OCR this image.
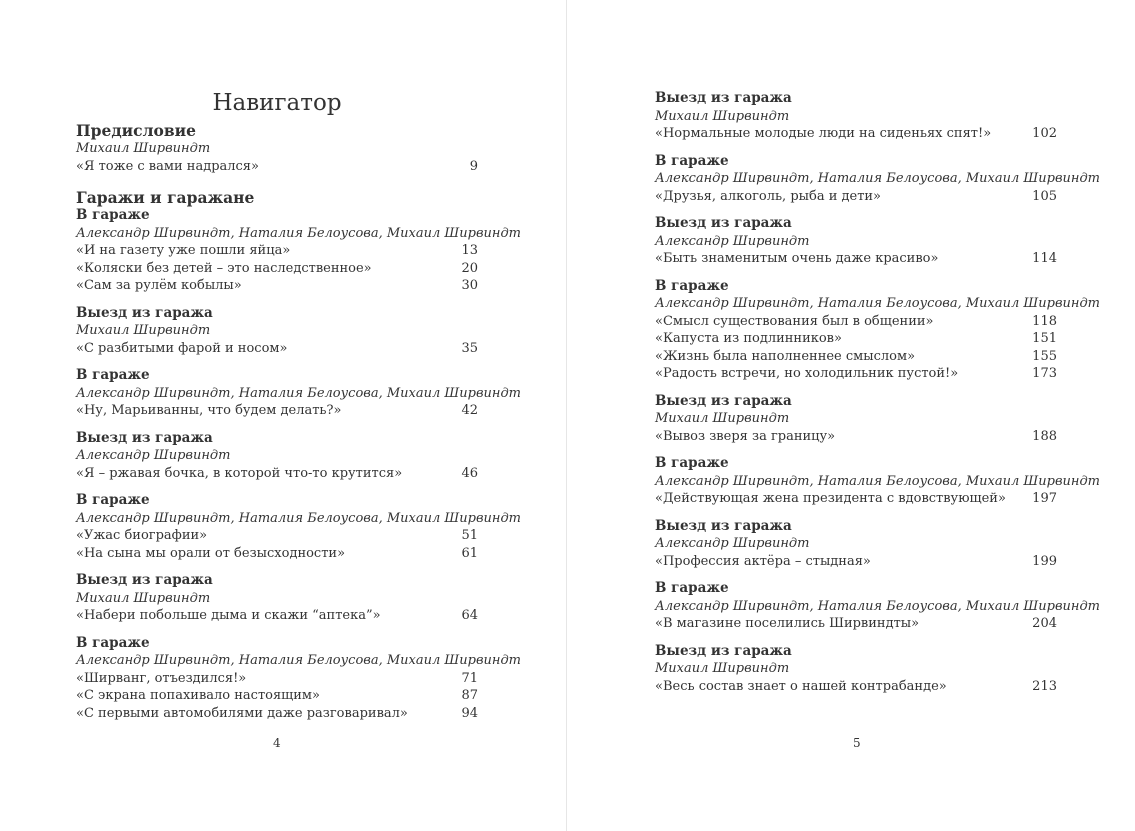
Навигатор
Предисловие
Михаил Ширвиндт
«Я тоже с вами надрался»	9
Гаражи и гаражане
В гараже
Александр Ширвиндт, Наталия Белоусова, Михаил Ширвиндт
«И на газету уже пошли яйца»	13
«Коляски без детей – это наследственное»	20
«Сам за рулём кобылы»	30
Выезд из гаража
Михаил Ширвиндт
«С разбитыми фарой и носом»	35
В гараже
Александр Ширвиндт, Наталия Белоусова, Михаил Ширвиндт
«Ну, Марьиванны, что будем делать?»	42
Выезд из гаража
Александр Ширвиндт
«Я – ржавая бочка, в которой что-то крутится»	46
В гараже
Александр Ширвиндт, Наталия Белоусова, Михаил Ширвиндт
«Ужас биографии»	51
«На сына мы орали от безысходности»	61
Выезд из гаража
Михаил Ширвиндт
«Набери побольше дыма и скажи “аптека”»	64
В гараже
Александр Ширвиндт, Наталия Белоусова, Михаил Ширвиндт
«Ширванг, отъездился!»	71
«С экрана попахивало настоящим»	87
«С первыми автомобилями даже разговаривал»	94
4
Выезд из гаража
Михаил Ширвиндт
«Нормальные молодые люди на сиденьях спят!»	102
В гараже
Александр Ширвиндт, Наталия Белоусова, Михаил Ширвиндт
«Друзья, алкоголь, рыба и дети»	105
Выезд из гаража
Александр Ширвиндт
«Быть знаменитым очень даже красиво»	114
В гараже
Александр Ширвиндт, Наталия Белоусова, Михаил Ширвиндт
«Смысл существования был в общении»	118
«Капуста из подлинников»	151
«Жизнь была наполненнее смыслом»	155
«Радость встречи, но холодильник пустой!»	173
Выезд из гаража
Михаил Ширвиндт
«Вывоз зверя за границу»	188
В гараже
Александр Ширвиндт, Наталия Белоусова, Михаил Ширвиндт
«Действующая жена президента с вдовствующей» 197
Выезд из гаража
Александр Ширвиндт
«Профессия актёра – стыдная»	199
В гараже
Александр Ширвиндт, Наталия Белоусова, Михаил Ширвиндт
«В магазине поселились Ширвиндты»	204
Выезд из гаража
Михаил Ширвиндт
«Весь состав знает о нашей контрабанде»	213
5
